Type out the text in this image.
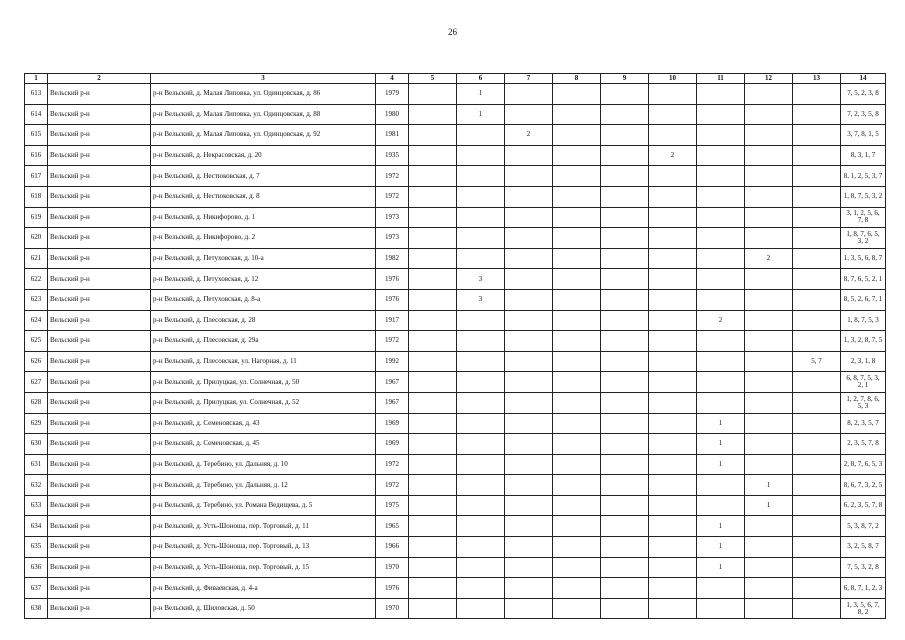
26
1	2	3	4	5	6	7	8	9	10	11	12	13	14
613	Вельский р-н	р-н Вельский, д. Малая Липовка, ул. Одинцовская, д. 86	1979		1								7, 5, 2, 3, 8
614	Вельский р-н	р-н Вельский, д. Малая Липовка, ул. Одинцовская, д. 88	1980		1								7, 2, 3, 5, 8
615	Вельский р-н	р-н Вельский, д. Малая Липовка, ул. Одинцовская, д. 92	1981			2							3, 7, 8, 1, 5
616	Вельский р-н	р-н Вельский, д. Некрасовская, д. 20	1935						2				8, 3, 1, 7
617	Вельский р-н	р-н Вельский, д. Нестюковская, д. 7	1972										8, 1, 2, 5, 3, 7
618	Вельский р-н	р-н Вельский, д. Нестюковская, д. 8	1972										1, 8, 7, 5, 3, 2
619	Вельский р-н	р-н Вельский, д. Никифорово, д. 1	1973										3, 1, 2, 5, 6, 7, 8
620	Вельский р-н	р-н Вельский, д. Никифорово, д. 2	1973										1, 8, 7, 6, 5, 3, 2
621	Вельский р-н	р-н Вельский, д. Петуховская, д. 10-а	1982								2		1, 3, 5, 6, 8, 7
622	Вельский р-н	р-н Вельский, д. Петуховская, д. 12	1976		3								8, 7, 6, 5, 2, 1
623	Вельский р-н	р-н Вельский, д. Петуховская, д. 8-а	1976		3								8, 5, 2, 6, 7, 1
624	Вельский р-н	р-н Вельский, д. Плесовская, д. 28	1917							2			1, 8, 7, 5, 3
625	Вельский р-н	р-н Вельский, д. Плесовская, д. 29а	1972										1, 3, 2, 8, 7, 5
626	Вельский р-н	р-н Вельский, д. Плесовская, ул. Нагорная, д. 11	1992									5, 7	2, 3, 1, 8
627	Вельский р-н	р-н Вельский, д. Прилуцкая, ул. Солнечная, д. 50	1967										6, 8, 7, 5, 3, 2, 1
628	Вельский р-н	р-н Вельский, д. Прилуцкая, ул. Солнечная, д. 52	1967										1, 2, 7, 8, 6, 5, 3
629	Вельский р-н	р-н Вельский, д. Семеновская, д. 43	1969							1			8, 2, 3, 5, 7
630	Вельский р-н	р-н Вельский, д. Семеновская, д. 45	1969							1			2, 3, 5, 7, 8
631	Вельский р-н	р-н Вельский, д. Теребино, ул. Дальняя, д. 10	1972							1			2, 8, 7, 6, 5, 3
632	Вельский р-н	р-н Вельский, д. Теребино, ул. Дальняя, д. 12	1972								1		8, 6, 7, 3, 2, 5
633	Вельский р-н	р-н Вельский, д. Теребино, ул. Романа Ведищева, д. 5	1975								1		6, 2, 3, 5, 7, 8
634	Вельский р-н	р-н Вельский, д. Усть-Шоноша, пер. Торговый, д. 11	1965							1			5, 3, 8, 7, 2
635	Вельский р-н	р-н Вельский, д. Усть-Шоноша, пер. Торговый, д. 13	1966							1			3, 2, 5, 8, 7
636	Вельский р-н	р-н Вельский, д. Усть-Шоноша, пер. Торговый, д. 15	1970							1			7, 5, 3, 2, 8
637	Вельский р-н	р-н Вельский, д. Фиваевская, д. 4-а	1976										6, 8, 7, 1, 2, 3
638	Вельский р-н	р-н Вельский, д. Шиловская, д. 50	1970										1, 3, 5, 6, 7, 8, 2
